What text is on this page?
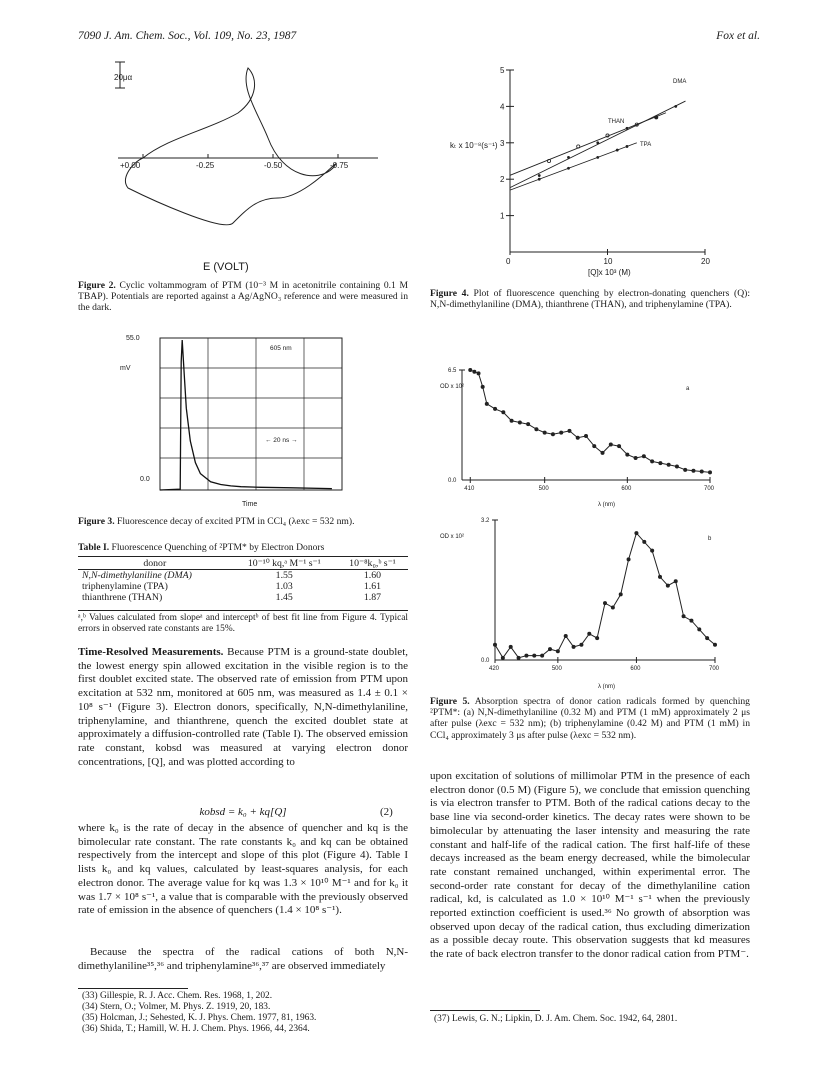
7090 J. Am. Chem. Soc., Vol. 109, No. 23, 1987	Fox et al.
20μα
+0.00	-0.25	-0.50	-0.75
E (VOLT)
Figure 2. Cyclic voltammogram of PTM (10⁻³ M in acetonitrile containing 0.1 M TBAP). Potentials are reported against a Ag/AgNO₃ reference and were measured in the dark.
55.0
mV
0.0
605 nm
← 20 ns →
Time
Figure 3. Fluorescence decay of excited PTM in CCl₄ (λexc = 532 nm).
Table I. Fluorescence Quenching of ²PTM* by Electron Donors
donor	10⁻¹⁰ kq,ᵃ M⁻¹ s⁻¹	10⁻⁸k₀,ᵇ s⁻¹

N,N-dimethylaniline (DMA)	1.55	1.60
triphenylamine (TPA)	1.03	1.61
thianthrene (THAN)	1.45	1.87
ᵃ,ᵇ Values calculated from slopeᵃ and interceptᵇ of best fit line from Figure 4. Typical errors in observed rate constants are 15%.
Time-Resolved Measurements. Because PTM is a ground-state doublet, the lowest energy spin allowed excitation in the visible region is to the first doublet excited state. The observed rate of emission from PTM upon excitation at 532 nm, monitored at 605 nm, was measured as 1.4 ± 0.1 × 10⁸ s⁻¹ (Figure 3). Electron donors, specifically, N,N-dimethylaniline, triphenylamine, and thianthrene, quench the excited doublet state at approximately a diffusion-controlled rate (Table I). The observed emission rate constant, kobsd was measured at varying electron donor concentrations, [Q], and was plotted according to
kobsd = k₀ + kq[Q]	(2)
where k₀ is the rate of decay in the absence of quencher and kq is the bimolecular rate constant. The rate constants k₀ and kq can be obtained respectively from the intercept and slope of this plot (Figure 4). Table I lists k₀ and kq values, calculated by least-squares analysis, for each electron donor. The average value for kq was 1.3 × 10¹⁰ M⁻¹ and for k₀ it was 1.7 × 10⁸ s⁻¹, a value that is comparable with the previously observed rate of emission in the absence of quenchers (1.4 × 10⁸ s⁻¹).
Because the spectra of the radical cations of both N,N-dimethylaniline³⁵,³⁶ and triphenylamine³⁶,³⁷ are observed immediately
(33) Gillespie, R. J. Acc. Chem. Res. 1968, 1, 202.
(34) Stern, O.; Volmer, M. Phys. Z. 1919, 20, 183.
(35) Holcman, J.; Sehested, K. J. Phys. Chem. 1977, 81, 1963.
(36) Shida, T.; Hamill, W. H. J. Chem. Phys. 1966, 44, 2364.
kₜ x 10⁻⁸(s⁻¹)
[Q]x 10³ (M)
DMA
THAN
TPA
1
2
3
4
5
0	10	20
Figure 4. Plot of fluorescence quenching by electron-donating quenchers (Q): N,N-dimethylaniline (DMA), thianthrene (THAN), and triphenylamine (TPA).
OD x 10²	a
λ (nm)
6.5
0.0
410	500	600	700
OD x 10²	b
λ (nm)
3.2
0.0
420	500	600	700
Figure 5. Absorption spectra of donor cation radicals formed by quenching ²PTM*: (a) N,N-dimethylaniline (0.32 M) and PTM (1 mM) approximately 2 μs after pulse (λexc = 532 nm); (b) triphenylamine (0.42 M) and PTM (1 mM) in CCl₄ approximately 3 μs after pulse (λexc = 532 nm).
upon excitation of solutions of millimolar PTM in the presence of each electron donor (0.5 M) (Figure 5), we conclude that emission quenching is via electron transfer to PTM. Both of the radical cations decay to the base line via second-order kinetics. The decay rates were shown to be bimolecular by attenuating the laser intensity and measuring the rate constant and half-life of the radical cation. The first half-life of these decays increased as the beam energy decreased, while the bimolecular rate constant remained unchanged, within experimental error. The second-order rate constant for decay of the dimethylaniline cation radical, kd, is calculated as 1.0 × 10¹⁰ M⁻¹ s⁻¹ when the previously reported extinction coefficient is used.³⁶ No growth of absorption was observed upon decay of the radical cation, thus excluding dimerization as a possible decay route. This observation suggests that kd measures the rate of back electron transfer to the donor radical cation from PTM⁻.
(37) Lewis, G. N.; Lipkin, D. J. Am. Chem. Soc. 1942, 64, 2801.
